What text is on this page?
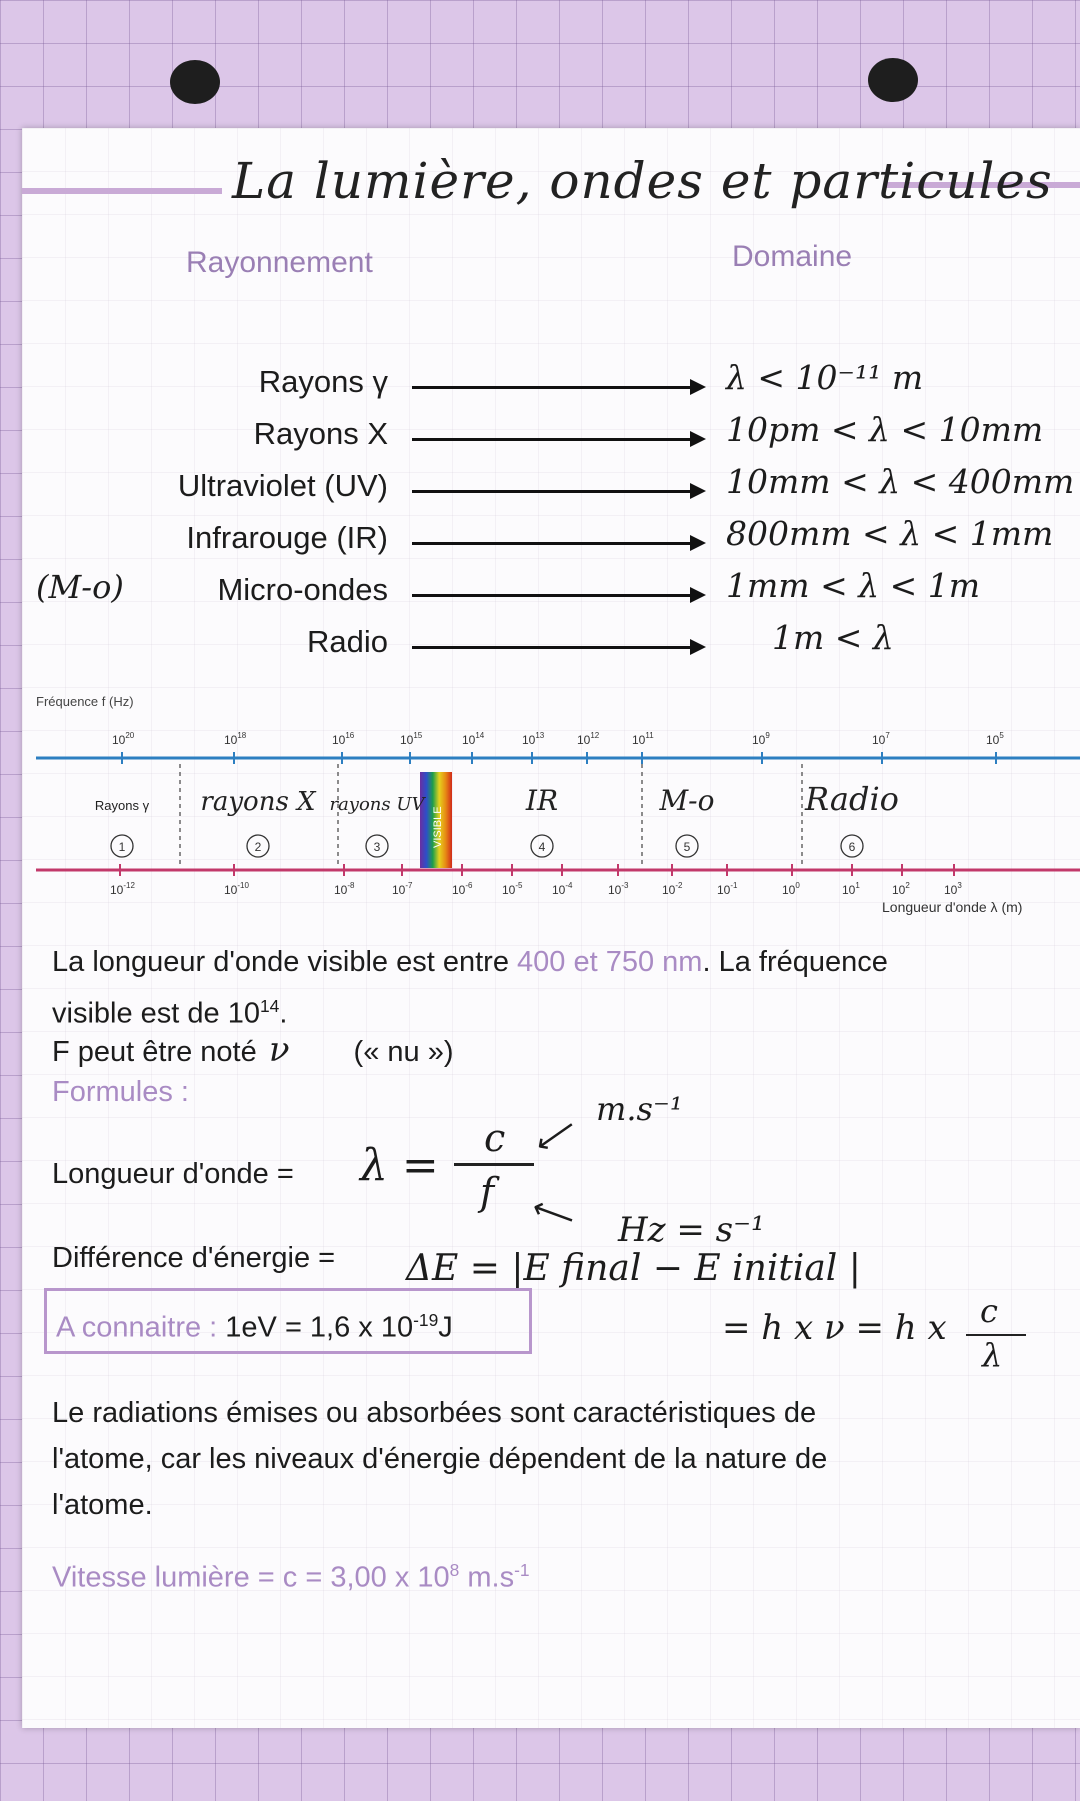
La lumière, ondes et particules
Rayonnement	Domaine
Rayons γ	λ < 10⁻¹¹ m
Rayons X	10pm < λ < 10mm
Ultraviolet (UV)	10mm < λ < 400mm
Infrarouge (IR)	800mm < λ < 1mm
Micro-ondes	1mm < λ < 1m
(M-o)
Radio	1m < λ
Fréquence f (Hz)
VISIBLE
$10^{20}$	$10^{18}$	$10^{16}$	$10^{15}$	$10^{14}$	$10^{13}$	$10^{12}$	$10^{11}$	$10^9$	$10^7$	$10^5$
$10^{-12}$	$10^{-10}$	$10^{-8}$	$10^{-7}$	$10^{-6}$ $10^{-5}$ $10^{-4}$	$10^{-3}$	$10^{-2}$	$10^{-1}$	$10^0$	$10^1$	$10^2$	$10^3$
Longueur d'onde λ (m)
Rayons γ
1
rayons X
2
rayons UV
3
IR
4
M-o
5
Radio
6
La longueur d'onde visible est entre 400 et 750 nm. La fréquence
visible est de $10^{14}$.
F peut être noté ν (« nu »)
Formules :
Longueur d'onde = λ =
c
f
m.s⁻¹
⟵
⟵ Hz = s⁻¹
Différence d'énergie = ΔE = |E final − E initial |
= h x ν = h x c
λ
A connaitre : 1eV = 1,6 x $10^{-19}J$
Le radiations émises ou absorbées sont caractéristiques de
l'atome, car les niveaux d'énergie dépendent de la nature de
l'atome.
Vitesse lumière = c = 3,00 x $10^8$ $m.s^{-1}$
